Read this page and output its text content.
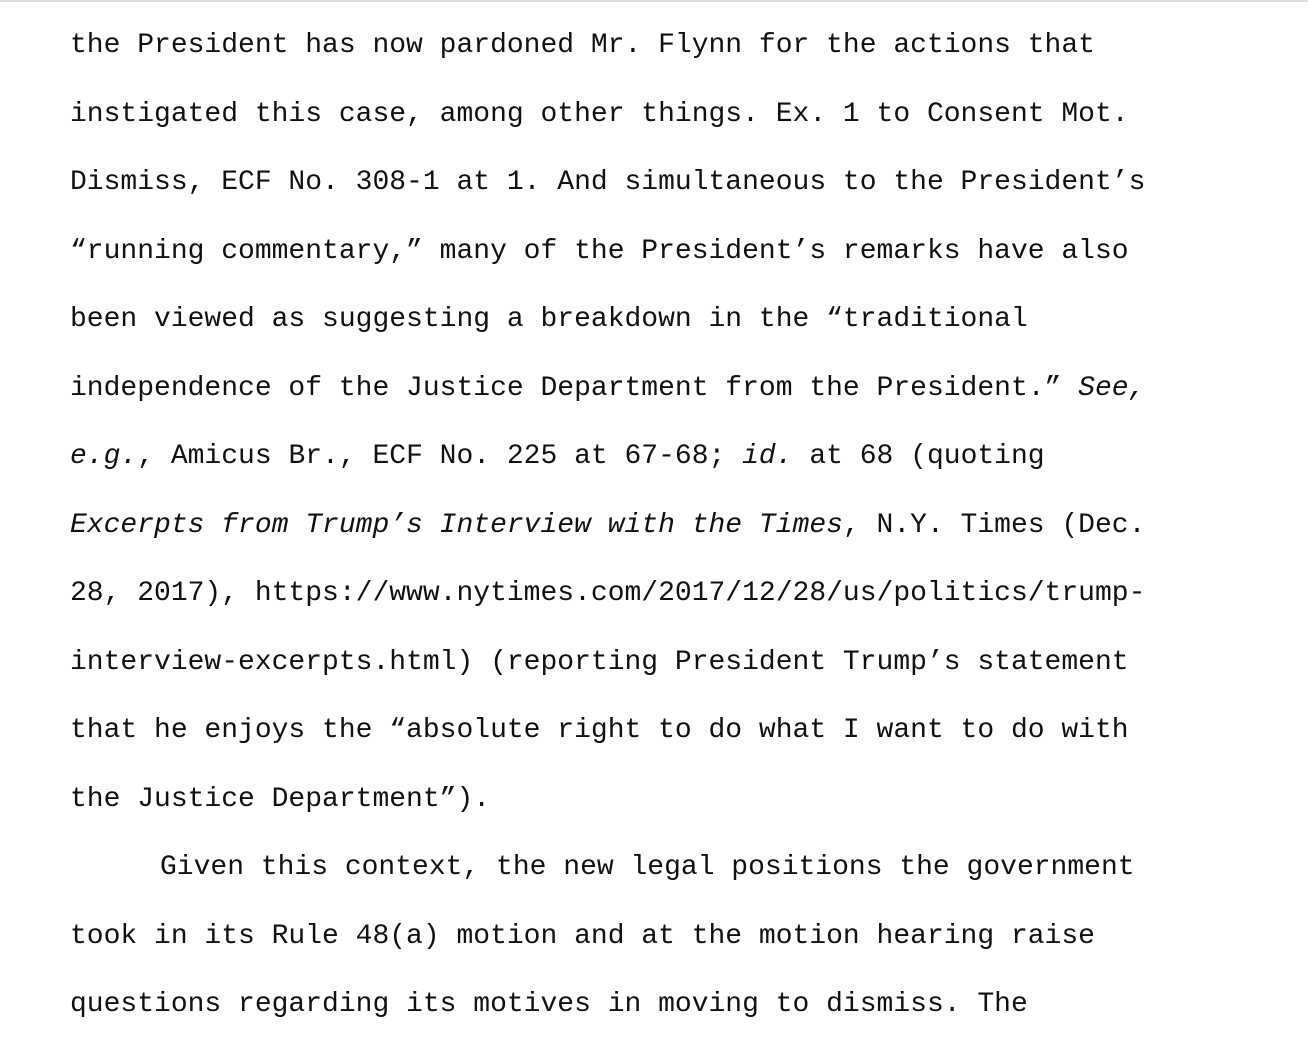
the President has now pardoned Mr. Flynn for the actions that
instigated this case, among other things. Ex. 1 to Consent Mot.
Dismiss, ECF No. 308-1 at 1. And simultaneous to the President’s
“running commentary,” many of the President’s remarks have also
been viewed as suggesting a breakdown in the “traditional
independence of the Justice Department from the President.” See,
e.g., Amicus Br., ECF No. 225 at 67-68; id. at 68 (quoting
Excerpts from Trump’s Interview with the Times, N.Y. Times (Dec.
28, 2017), https://www.nytimes.com/2017/12/28/us/politics/trump-
interview-excerpts.html) (reporting President Trump’s statement
that he enjoys the “absolute right to do what I want to do with
the Justice Department”).
Given this context, the new legal positions the government
took in its Rule 48(a) motion and at the motion hearing raise
questions regarding its motives in moving to dismiss. The
